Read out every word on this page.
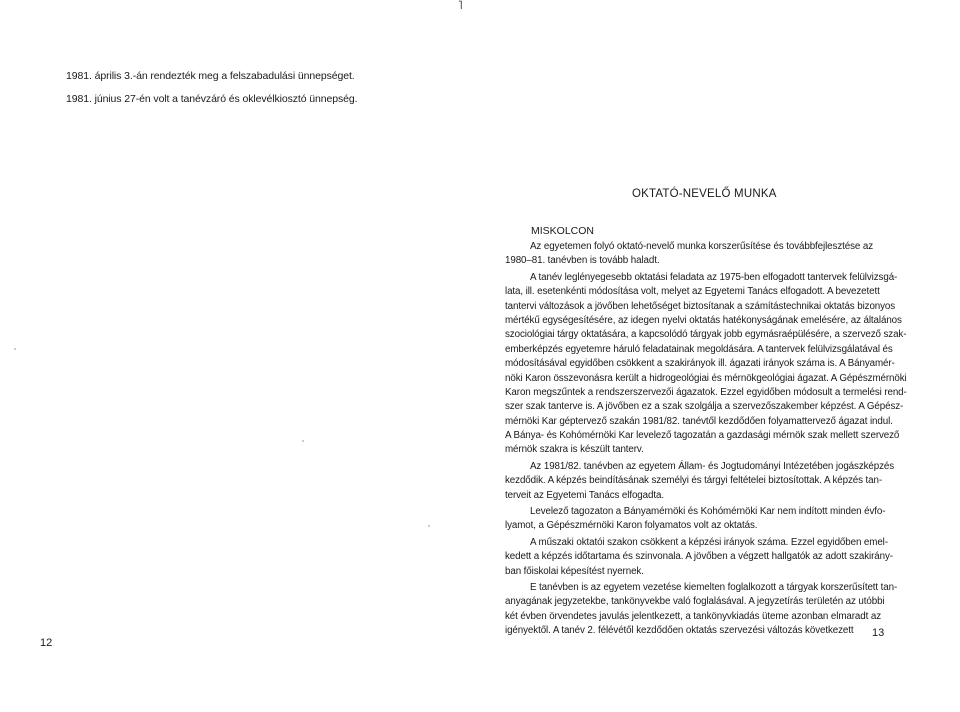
˥
1981. április 3.-án rendezték meg a felszabadulási ünnepséget.
1981. június 27-én volt a tanévzáró és oklevélkiosztó ünnepség.
OKTATÓ-NEVELŐ MUNKA
MISKOLCON
Az egyetemen folyó oktató-nevelő munka korszerűsítése és továbbfejlesztése az
1980–81. tanévben is tovább haladt.
A tanév leglényegesebb oktatási feladata az 1975-ben elfogadott tantervek felülvizsgá-
lata, ill. esetenkénti módosítása volt, melyet az Egyetemi Tanács elfogadott. A bevezetett
tantervi változások a jövőben lehetőséget biztosítanak a számítástechnikai oktatás bizonyos
mértékű egységesítésére, az idegen nyelvi oktatás hatékonyságának emelésére, az általános
szociológiai tárgy oktatására, a kapcsolódó tárgyak jobb egymásraépülésére, a szervező szak-
emberképzés egyetemre háruló feladatainak megoldására. A tantervek felülvizsgálatával és
módosításával egyidőben csökkent a szakirányok ill. ágazati irányok száma is. A Bányamér-
nöki Karon összevonásra került a hidrogeológiai és mérnökgeológiai ágazat. A Gépészmérnöki
Karon megszűntek a rendszerszervezői ágazatok. Ezzel egyidőben módosult a termelési rend-
szer szak tanterve is. A jövőben ez a szak szolgálja a szervezőszakember képzést. A Gépész-
mérnöki Kar géptervező szakán 1981/82. tanévtől kezdődően folyamattervező ágazat indul.
A Bánya- és Kohómérnöki Kar levelező tagozatán a gazdasági mérnök szak mellett szervező
mérnök szakra is készült tanterv.
Az 1981/82. tanévben az egyetem Állam- és Jogtudományi Intézetében jogászképzés
kezdődik. A képzés beindításának személyi és tárgyi feltételei biztosítottak. A képzés tan-
terveit az Egyetemi Tanács elfogadta.
Levelező tagozaton a Bányamérnöki és Kohómérnöki Kar nem indított minden évfo-
lyamot, a Gépészmérnöki Karon folyamatos volt az oktatás.
A műszaki oktatói szakon csökkent a képzési irányok száma. Ezzel egyidőben emel-
kedett a képzés időtartama és szinvonala. A jövőben a végzett hallgatók az adott szakirány-
ban főiskolai képesítést nyernek.
E tanévben is az egyetem vezetése kiemelten foglalkozott a tárgyak korszerűsített tan-
anyagának jegyzetekbe, tankönyvekbe való foglalásával. A jegyzetírás területén az utóbbi
két évben örvendetes javulás jelentkezett, a tankönyvkiadás üteme azonban elmaradt az
igényektől. A tanév 2. félévétől kezdődően oktatás szervezési változás következett
12
13
